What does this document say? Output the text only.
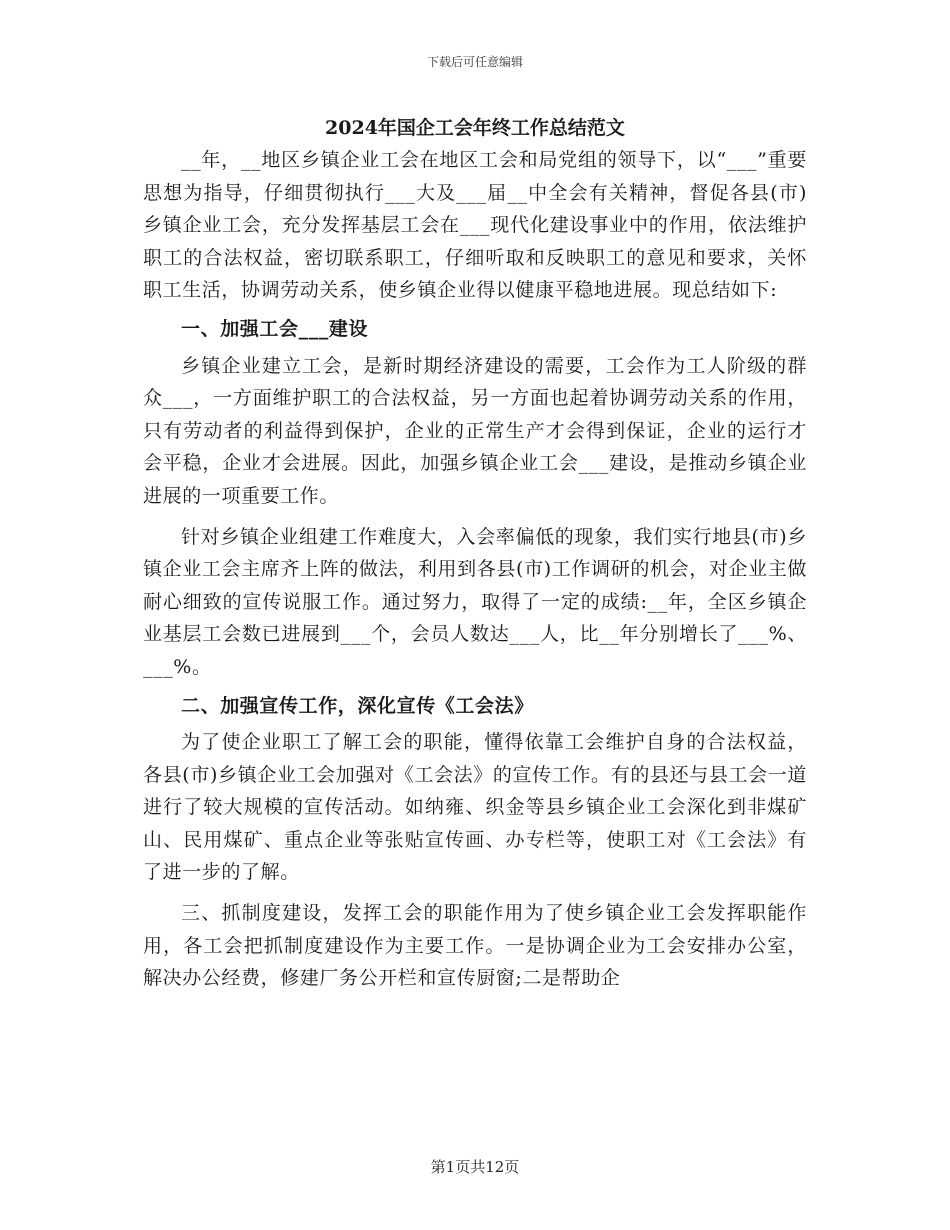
下载后可任意编辑
2024年国企工会年终工作总结范文

__年，__地区乡镇企业工会在地区工会和局党组的领导下，以“___”重要思想为指导，仔细贯彻执行___大及___届__中全会有关精神，督促各县(市)乡镇企业工会，充分发挥基层工会在___现代化建设事业中的作用，依法维护职工的合法权益，密切联系职工，仔细听取和反映职工的意见和要求，关怀职工生活，协调劳动关系，使乡镇企业得以健康平稳地进展。现总结如下:

一、加强工会___建设

乡镇企业建立工会，是新时期经济建设的需要，工会作为工人阶级的群众___，一方面维护职工的合法权益，另一方面也起着协调劳动关系的作用，只有劳动者的利益得到保护，企业的正常生产才会得到保证，企业的运行才会平稳，企业才会进展。因此，加强乡镇企业工会___建设，是推动乡镇企业进展的一项重要工作。

针对乡镇企业组建工作难度大，入会率偏低的现象，我们实行地县(市)乡镇企业工会主席齐上阵的做法，利用到各县(市)工作调研的机会，对企业主做耐心细致的宣传说服工作。通过努力，取得了一定的成绩:__年，全区乡镇企业基层工会数已进展到___个，会员人数达___人，比__年分别增长了___%、___%。

二、加强宣传工作，深化宣传《工会法》

为了使企业职工了解工会的职能，懂得依靠工会维护自身的合法权益，各县(市)乡镇企业工会加强对《工会法》的宣传工作。有的县还与县工会一道进行了较大规模的宣传活动。如纳雍、织金等县乡镇企业工会深化到非煤矿山、民用煤矿、重点企业等张贴宣传画、办专栏等，使职工对《工会法》有了进一步的了解。

三、抓制度建设，发挥工会的职能作用为了使乡镇企业工会发挥职能作用，各工会把抓制度建设作为主要工作。一是协调企业为工会安排办公室，解决办公经费，修建厂务公开栏和宣传厨窗;二是帮助企

第1页共12页
